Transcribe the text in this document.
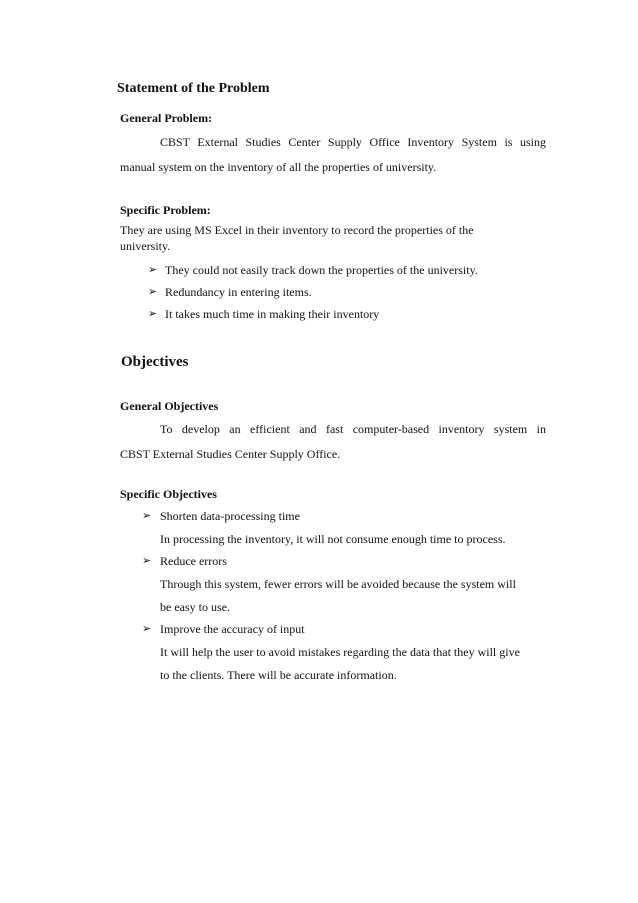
Statement of the Problem
General Problem:
CBST External Studies Center Supply Office Inventory System is using
manual system on the inventory of all the properties of university.
Specific Problem:
They are using MS Excel in their inventory to record the properties of the
university.
➢ They could not easily track down the properties of the university.
➢ Redundancy in entering items.
➢ It takes much time in making their inventory
Objectives
General Objectives
To develop an efficient and fast computer-based inventory system in
CBST External Studies Center Supply Office.
Specific Objectives
➢ Shorten data-processing time
In processing the inventory, it will not consume enough time to process.
➢ Reduce errors
Through this system, fewer errors will be avoided because the system will
be easy to use.
➢ Improve the accuracy of input
It will help the user to avoid mistakes regarding the data that they will give
to the clients. There will be accurate information.
